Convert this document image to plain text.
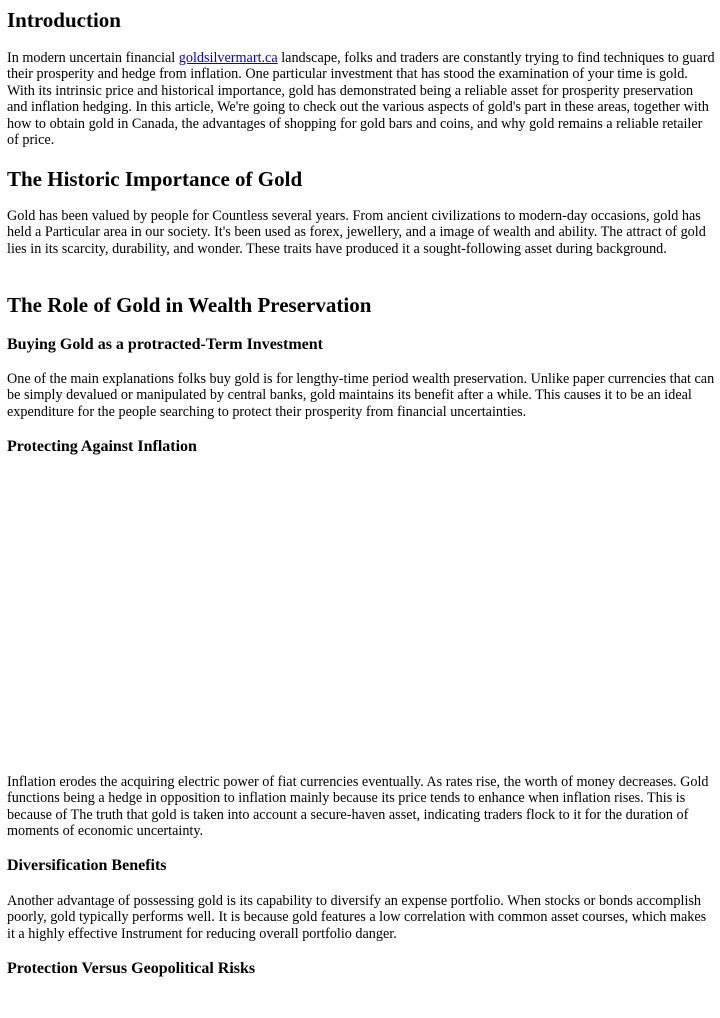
Introduction

In modern uncertain financial goldsilvermart.ca landscape, folks and traders are constantly trying to find techniques to guard their prosperity and hedge from inflation. One particular investment that has stood the examination of your time is gold. With its intrinsic price and historical importance, gold has demonstrated being a reliable asset for prosperity preservation and inflation hedging. In this article, We're going to check out the various aspects of gold's part in these areas, together with how to obtain gold in Canada, the advantages of shopping for gold bars and coins, and why gold remains a reliable retailer of price.

The Historic Importance of Gold

Gold has been valued by people for Countless several years. From ancient civilizations to modern-day occasions, gold has held a Particular area in our society. It's been used as forex, jewellery, and a image of wealth and ability. The attract of gold lies in its scarcity, durability, and wonder. These traits have produced it a sought-following asset during background.

The Role of Gold in Wealth Preservation
Buying Gold as a protracted-Term Investment

One of the main explanations folks buy gold is for lengthy-time period wealth preservation. Unlike paper currencies that can be simply devalued or manipulated by central banks, gold maintains its benefit after a while. This causes it to be an ideal expenditure for the people searching to protect their prosperity from financial uncertainties.

Protecting Against Inflation

Inflation erodes the acquiring electric power of fiat currencies eventually. As rates rise, the worth of money decreases. Gold functions being a hedge in opposition to inflation mainly because its price tends to enhance when inflation rises. This is because of The truth that gold is taken into account a secure-haven asset, indicating traders flock to it for the duration of moments of economic uncertainty.

Diversification Benefits

Another advantage of possessing gold is its capability to diversify an expense portfolio. When stocks or bonds accomplish poorly, gold typically performs well. It is because gold features a low correlation with common asset courses, which makes it a highly effective Instrument for reducing overall portfolio danger.

Protection Versus Geopolitical Risks
